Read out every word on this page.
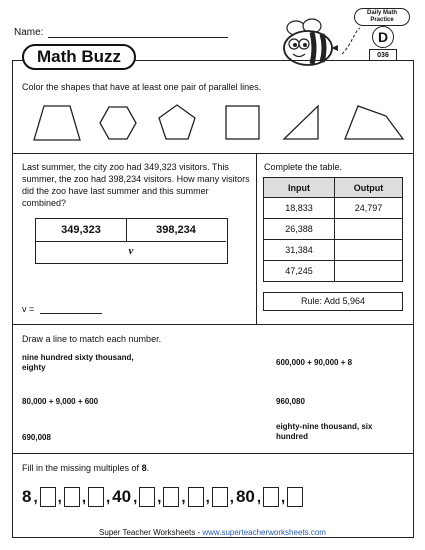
Name:
Daily Math Practice
D
036
Math Buzz
Color the shapes that have at least one pair of parallel lines.
Last summer, the city zoo had 349,323 visitors. This summer, the zoo had 398,234 visitors. How many visitors did the zoo have last summer and this summer combined?
349,323	398,234
v
v =
Complete the table.
Input	Output
18,833	24,797
26,388	
31,384	
47,245	
Rule: Add 5,964
Draw a line to match each number.
nine hundred sixty thousand, eighty
80,000 + 9,000 + 600
690,008
600,000 + 90,000 + 8
960,080
eighty-nine thousand, six hundred
Fill in the missing multiples of 8.
8 , , , , 40 , , , , , 80 , ,
Super Teacher Worksheets - www.superteacherworksheets.com
